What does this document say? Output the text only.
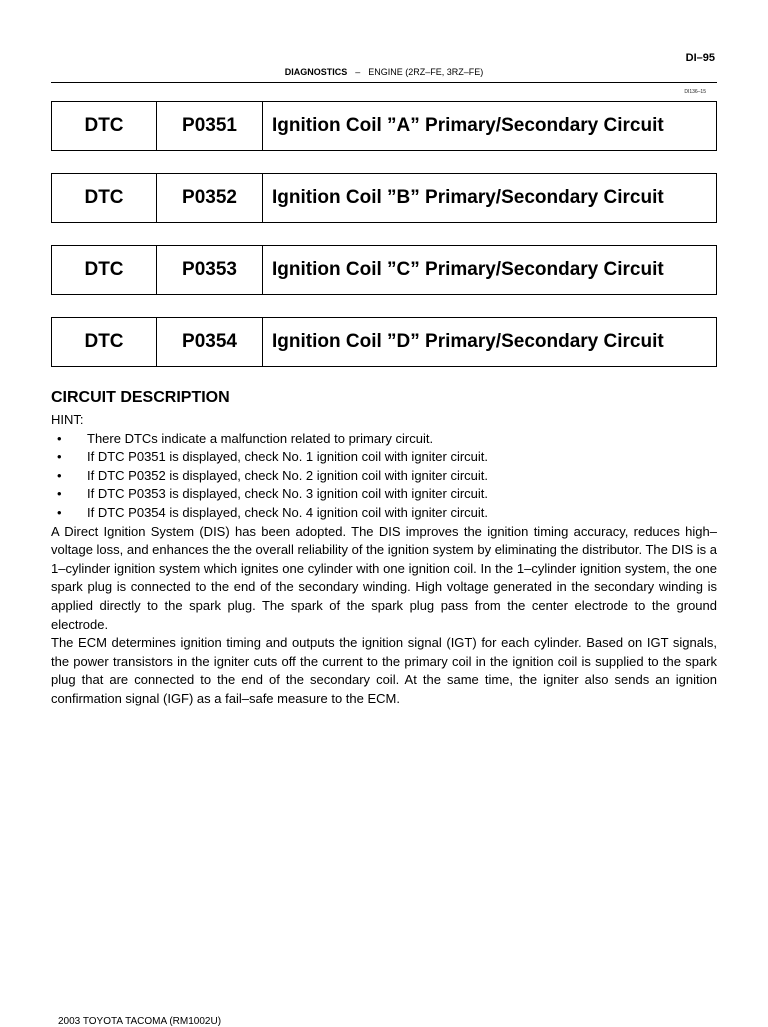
DI–95
DIAGNOSTICS – ENGINE (2RZ–FE, 3RZ–FE)
DI136–15
DTC	P0351	Ignition Coil ”A” Primary/Secondary Circuit
DTC	P0352	Ignition Coil ”B” Primary/Secondary Circuit
DTC	P0353	Ignition Coil ”C” Primary/Secondary Circuit
DTC	P0354	Ignition Coil ”D” Primary/Secondary Circuit
CIRCUIT DESCRIPTION

HINT:

• There DTCs indicate a malfunction related to primary circuit.
• If DTC P0351 is displayed, check No. 1 ignition coil with igniter circuit.
• If DTC P0352 is displayed, check No. 2 ignition coil with igniter circuit.
• If DTC P0353 is displayed, check No. 3 ignition coil with igniter circuit.
• If DTC P0354 is displayed, check No. 4 ignition coil with igniter circuit.

A Direct Ignition System (DIS) has been adopted. The DIS improves the ignition timing accuracy, reduces high–voltage loss, and enhances the the overall reliability of the ignition system by eliminating the distributor. The DIS is a 1–cylinder ignition system which ignites one cylinder with one ignition coil. In the 1–cylinder ignition system, the one spark plug is connected to the end of the secondary winding. High voltage generated in the secondary winding is applied directly to the spark plug. The spark of the spark plug pass from the center electrode to the ground electrode.

The ECM determines ignition timing and outputs the ignition signal (IGT) for each cylinder. Based on IGT signals, the power transistors in the igniter cuts off the current to the primary coil in the ignition coil is supplied to the spark plug that are connected to the end of the secondary coil. At the same time, the igniter also sends an ignition confirmation signal (IGF) as a fail–safe measure to the ECM.

2003 TOYOTA TACOMA (RM1002U)
